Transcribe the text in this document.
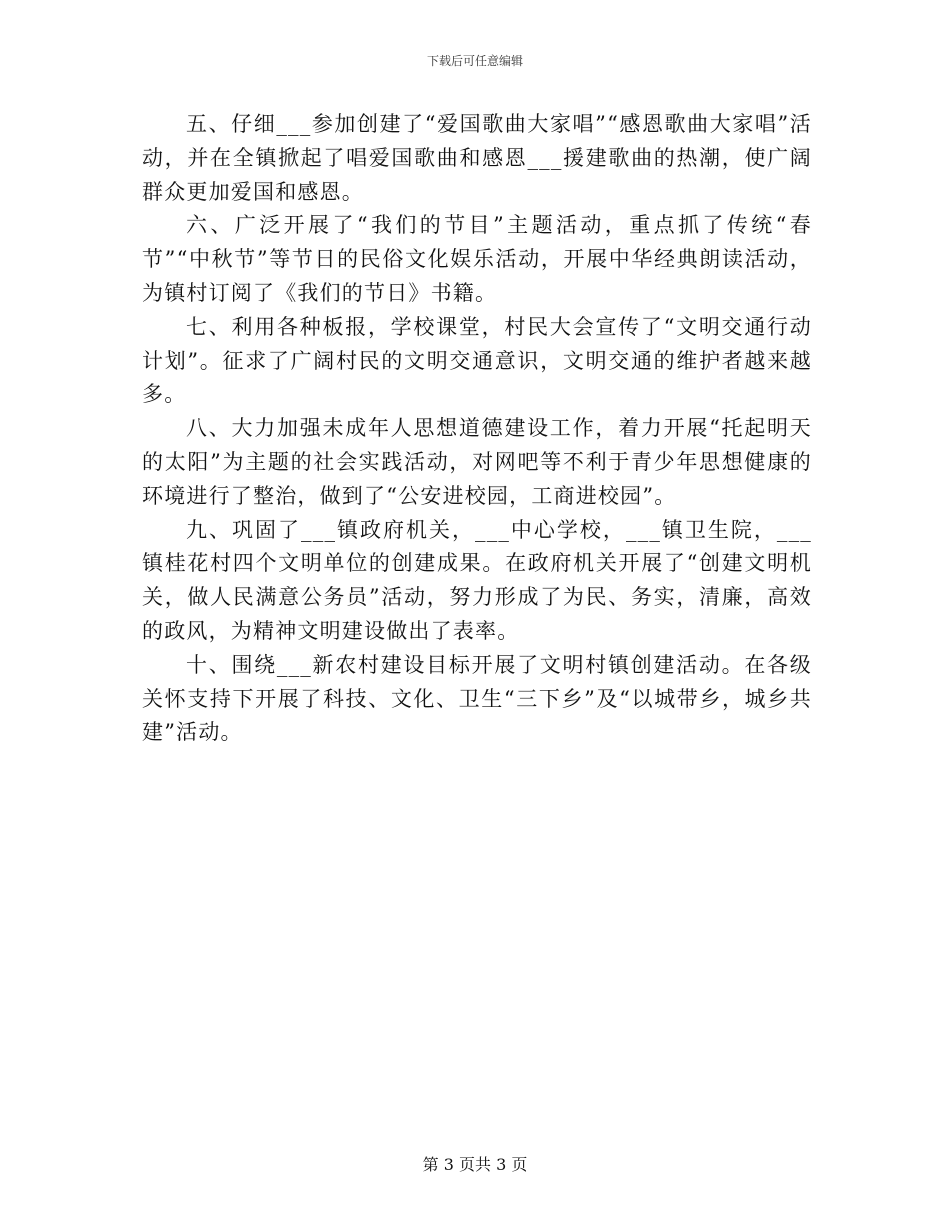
下载后可任意编辑

五、仔细___参加创建了“爱国歌曲大家唱”“感恩歌曲大家唱”活动，并在全镇掀起了唱爱国歌曲和感恩___援建歌曲的热潮，使广阔群众更加爱国和感恩。

六、广泛开展了“我们的节目”主题活动，重点抓了传统“春节”“中秋节”等节日的民俗文化娱乐活动，开展中华经典朗读活动，为镇村订阅了《我们的节日》书籍。

七、利用各种板报，学校课堂，村民大会宣传了“文明交通行动计划”。征求了广阔村民的文明交通意识，文明交通的维护者越来越多。

八、大力加强未成年人思想道德建设工作，着力开展“托起明天的太阳”为主题的社会实践活动，对网吧等不利于青少年思想健康的环境进行了整治，做到了“公安进校园，工商进校园”。

九、巩固了___镇政府机关，___中心学校，___镇卫生院，___镇桂花村四个文明单位的创建成果。在政府机关开展了“创建文明机关，做人民满意公务员”活动，努力形成了为民、务实，清廉，高效的政风，为精神文明建设做出了表率。

十、围绕___新农村建设目标开展了文明村镇创建活动。在各级关怀支持下开展了科技、文化、卫生“三下乡”及“以城带乡，城乡共建”活动。

第 3 页共 3 页
